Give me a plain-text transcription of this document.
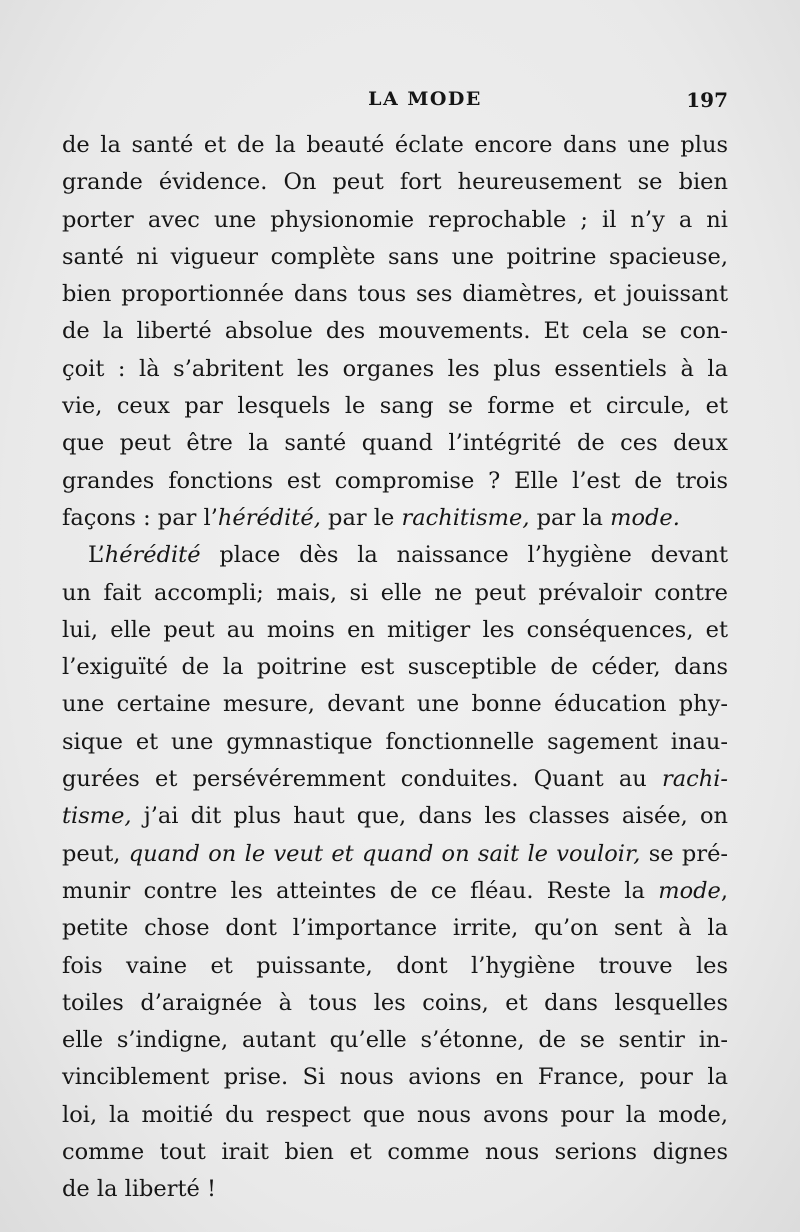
LA MODE	197
de la santé et de la beauté éclate encore dans une plus
grande évidence. On peut fort heureusement se bien
porter avec une physionomie reprochable ; il n’y a ni
santé ni vigueur complète sans une poitrine spacieuse,
bien proportionnée dans tous ses diamètres, et jouissant
de la liberté absolue des mouvements. Et cela se con-
çoit : là s’abritent les organes les plus essentiels à la
vie, ceux par lesquels le sang se forme et circule, et
que peut être la santé quand l’intégrité de ces deux
grandes fonctions est compromise ? Elle l’est de trois
façons : par l’hérédité, par le rachitisme, par la mode.
L’hérédité place dès la naissance l’hygiène devant
un fait accompli; mais, si elle ne peut prévaloir contre
lui, elle peut au moins en mitiger les conséquences, et
l’exiguïté de la poitrine est susceptible de céder, dans
une certaine mesure, devant une bonne éducation phy-
sique et une gymnastique fonctionnelle sagement inau-
gurées et persévéremment conduites. Quant au rachi-
tisme, j’ai dit plus haut que, dans les classes aisée, on
peut, quand on le veut et quand on sait le vouloir, se pré-
munir contre les atteintes de ce fléau. Reste la mode,
petite chose dont l’importance irrite, qu’on sent à la
fois vaine et puissante, dont l’hygiène trouve les
toiles d’araignée à tous les coins, et dans lesquelles
elle s’indigne, autant qu’elle s’étonne, de se sentir in-
vinciblement prise. Si nous avions en France, pour la
loi, la moitié du respect que nous avons pour la mode,
comme tout irait bien et comme nous serions dignes
de la liberté !
